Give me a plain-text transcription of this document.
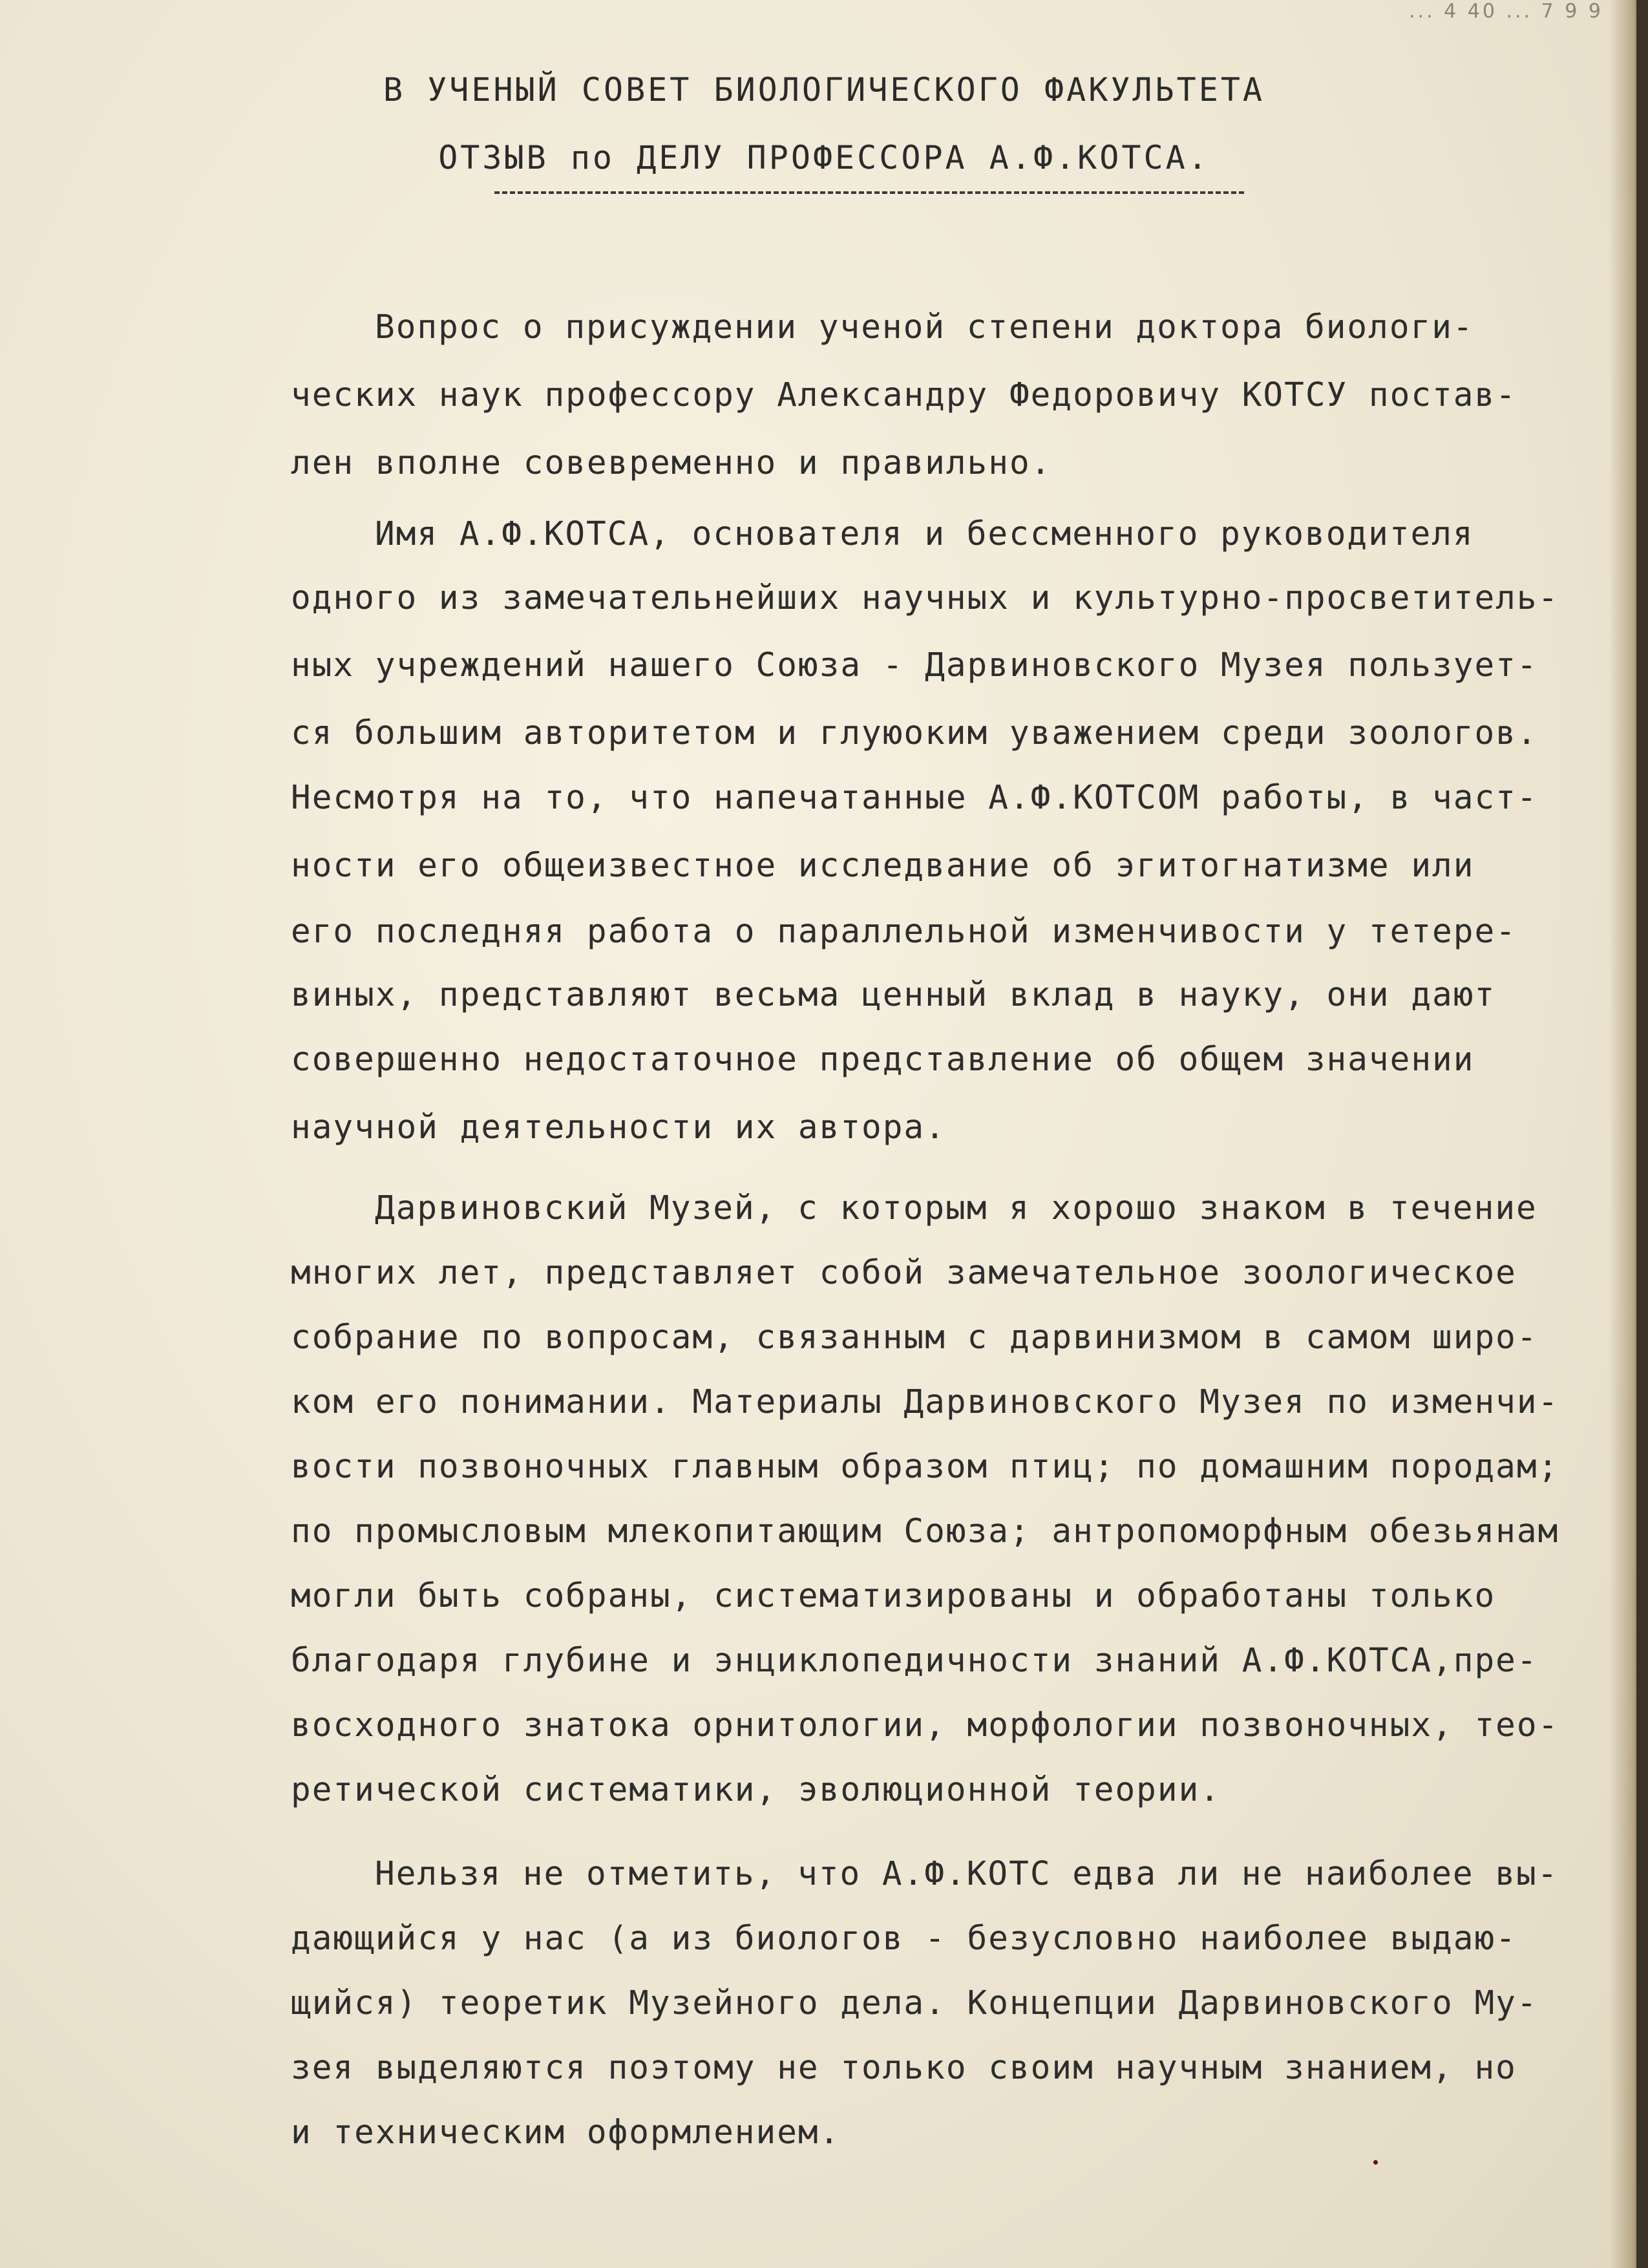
... 4 40 ... 7 9 9
В УЧЕНЫЙ СОВЕТ БИОЛОГИЧЕСКОГО ФАКУЛЬТЕТА
ОТЗЫВ по ДЕЛУ ПРОФЕССОРА А.Ф.КОТСА.
Вопрос о присуждении ученой степени доктора биологи-
ческих наук профессору Александру Федоровичу КОТСУ постав-
лен вполне совевременно и правильно.
Имя А.Ф.КОТСА, основателя и бессменного руководителя
одного из замечательнейших научных и культурно-просветитель-
ных учреждений нашего Союза - Дарвиновского Музея пользует-
ся большим авторитетом и глуюоким уважением среди зоологов.
Несмотря на то, что напечатанные А.Ф.КОТСОМ работы, в част-
ности его общеизвестное исследвание об эгитогнатизме или
его последняя работа о параллельной изменчивости у тетере-
виных, представляют весьма ценный вклад в науку, они дают
совершенно недостаточное представление об общем значении
научной деятельности их автора.
Дарвиновский Музей, с которым я хорошо знаком в течение
многих лет, представляет собой замечательное зоологическое
собрание по вопросам, связанным с дарвинизмом в самом широ-
ком его понимании. Материалы Дарвиновского Музея по изменчи-
вости позвоночных главным образом птиц; по домашним породам;
по промысловым млекопитающим Союза; антропоморфным обезьянам
могли быть собраны, систематизированы и обработаны только
благодаря глубине и энциклопедичности знаний А.Ф.КОТСА,пре-
восходного знатока орнитологии, морфологии позвоночных, тео-
ретической систематики, эволюционной теории.
Нельзя не отметить, что А.Ф.КОТС едва ли не наиболее вы-
дающийся у нас (а из биологов - безусловно наиболее выдаю-
щийся) теоретик Музейного дела. Концепции Дарвиновского Му-
зея выделяются поэтому не только своим научным знанием, но
и техническим оформлением.
